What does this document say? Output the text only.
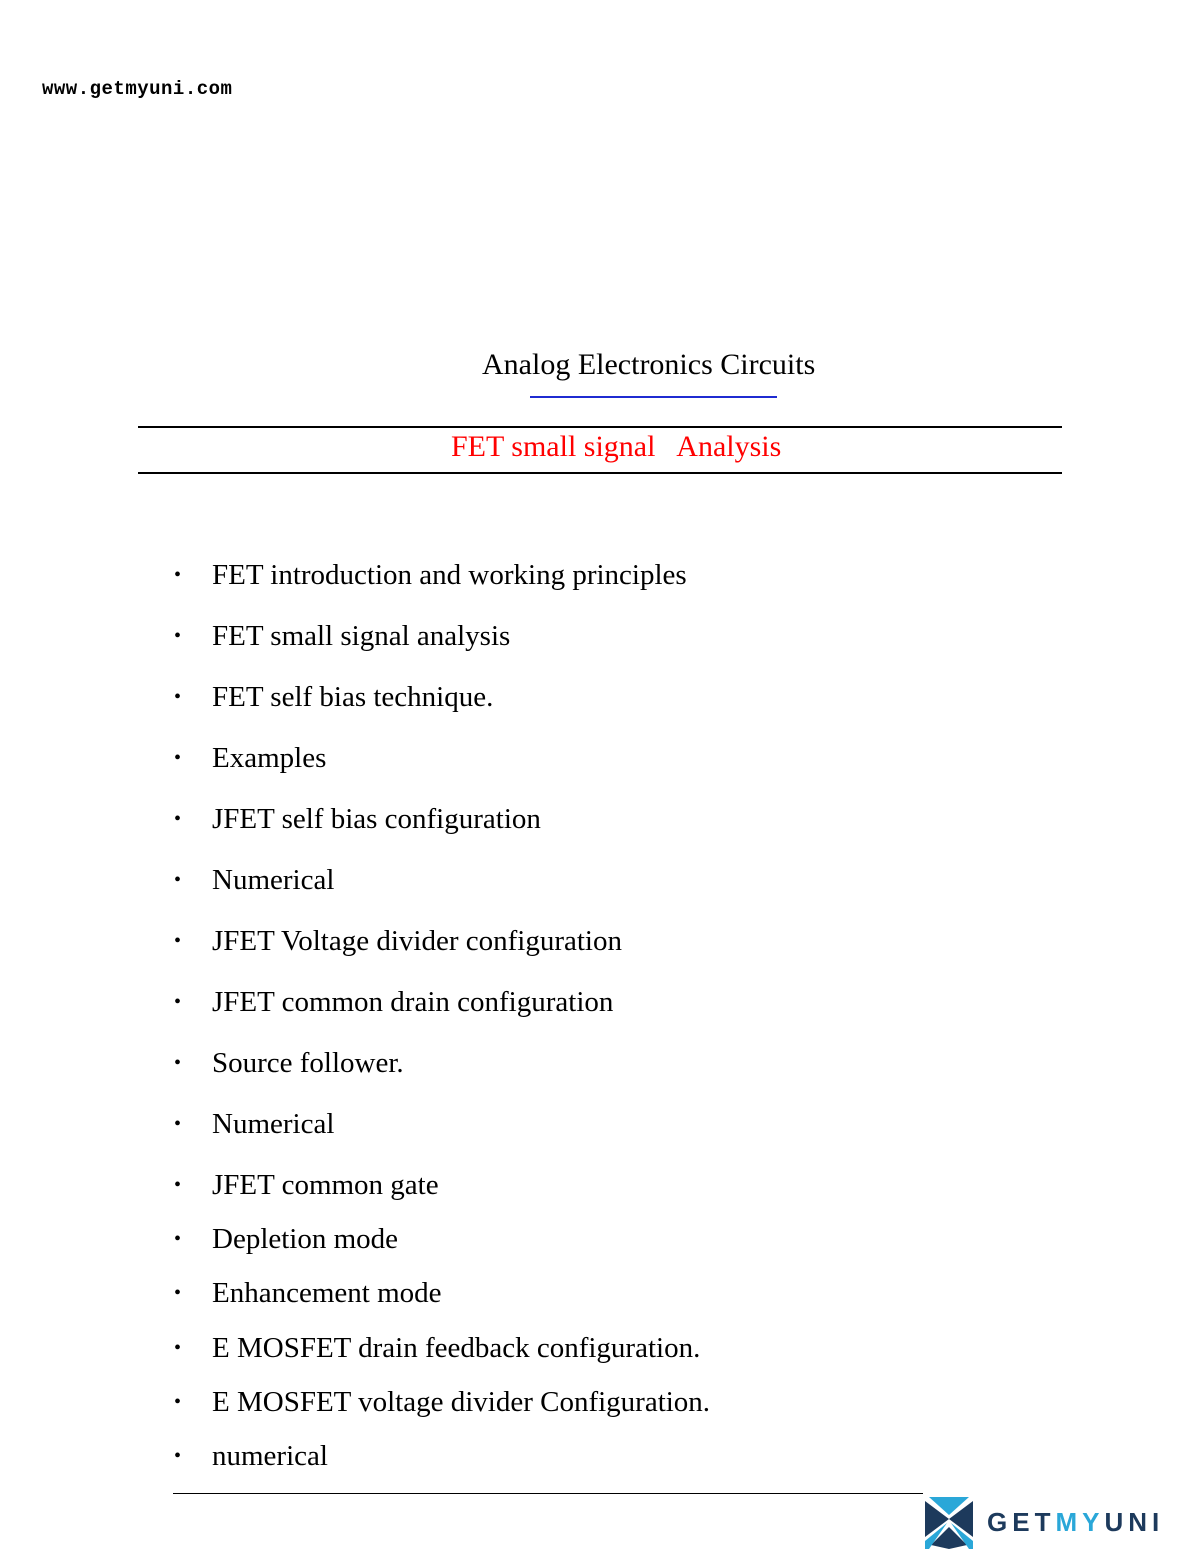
www.getmyuni.com
Analog Electronics Circuits
FET small signal   Analysis
• FET introduction and working principles
• FET small signal analysis
• FET self bias technique.
• Examples
• JFET self bias configuration
• Numerical
• JFET Voltage divider configuration
• JFET common drain configuration
• Source follower.
• Numerical
• JFET common gate
• Depletion mode
• Enhancement mode
• E MOSFET drain feedback configuration.
• E MOSFET voltage divider Configuration.
• numerical
GETMYUNI
